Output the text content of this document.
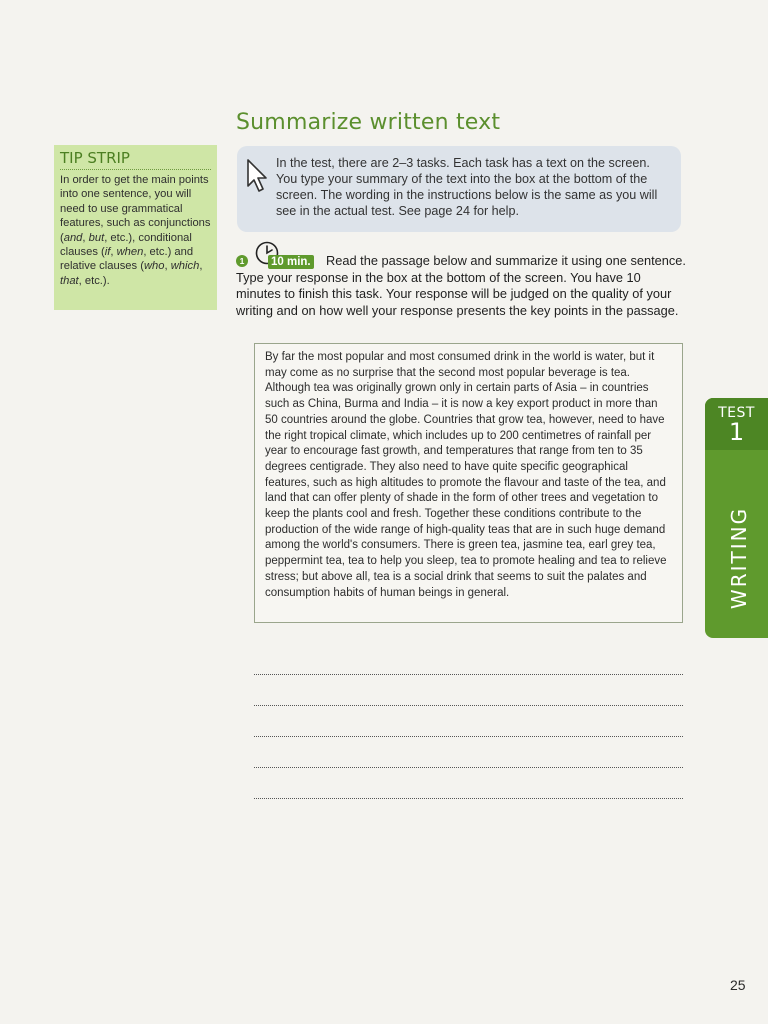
Summarize written text
TIP STRIP
In order to get the main points into one sentence, you will need to use grammatical features, such as conjunctions (and, but, etc.), conditional clauses (if, when, etc.) and relative clauses (who, which, that, etc.).
In the test, there are 2–3 tasks. Each task has a text on the screen. You type your summary of the text into the box at the bottom of the screen. The wording in the instructions below is the same as you will see in the actual test. See page 24 for help.
1	10 min.	Read the passage below and summarize it using one sentence.
Type your response in the box at the bottom of the screen. You have 10 minutes to finish this task. Your response will be judged on the quality of your writing and on how well your response presents the key points in the passage.
By far the most popular and most consumed drink in the world is water, but it may come as no surprise that the second most popular beverage is tea. Although tea was originally grown only in certain parts of Asia – in countries such as China, Burma and India – it is now a key export product in more than 50 countries around the globe. Countries that grow tea, however, need to have the right tropical climate, which includes up to 200 centimetres of rainfall per year to encourage fast growth, and temperatures that range from ten to 35 degrees centigrade. They also need to have quite specific geographical features, such as high altitudes to promote the flavour and taste of the tea, and land that can offer plenty of shade in the form of other trees and vegetation to keep the plants cool and fresh. Together these conditions contribute to the production of the wide range of high-quality teas that are in such huge demand among the world's consumers. There is green tea, jasmine tea, earl grey tea, peppermint tea, tea to help you sleep, tea to promote healing and tea to relieve stress; but above all, tea is a social drink that seems to suit the palates and consumption habits of human beings in general.
TEST
1
WRITING
25
